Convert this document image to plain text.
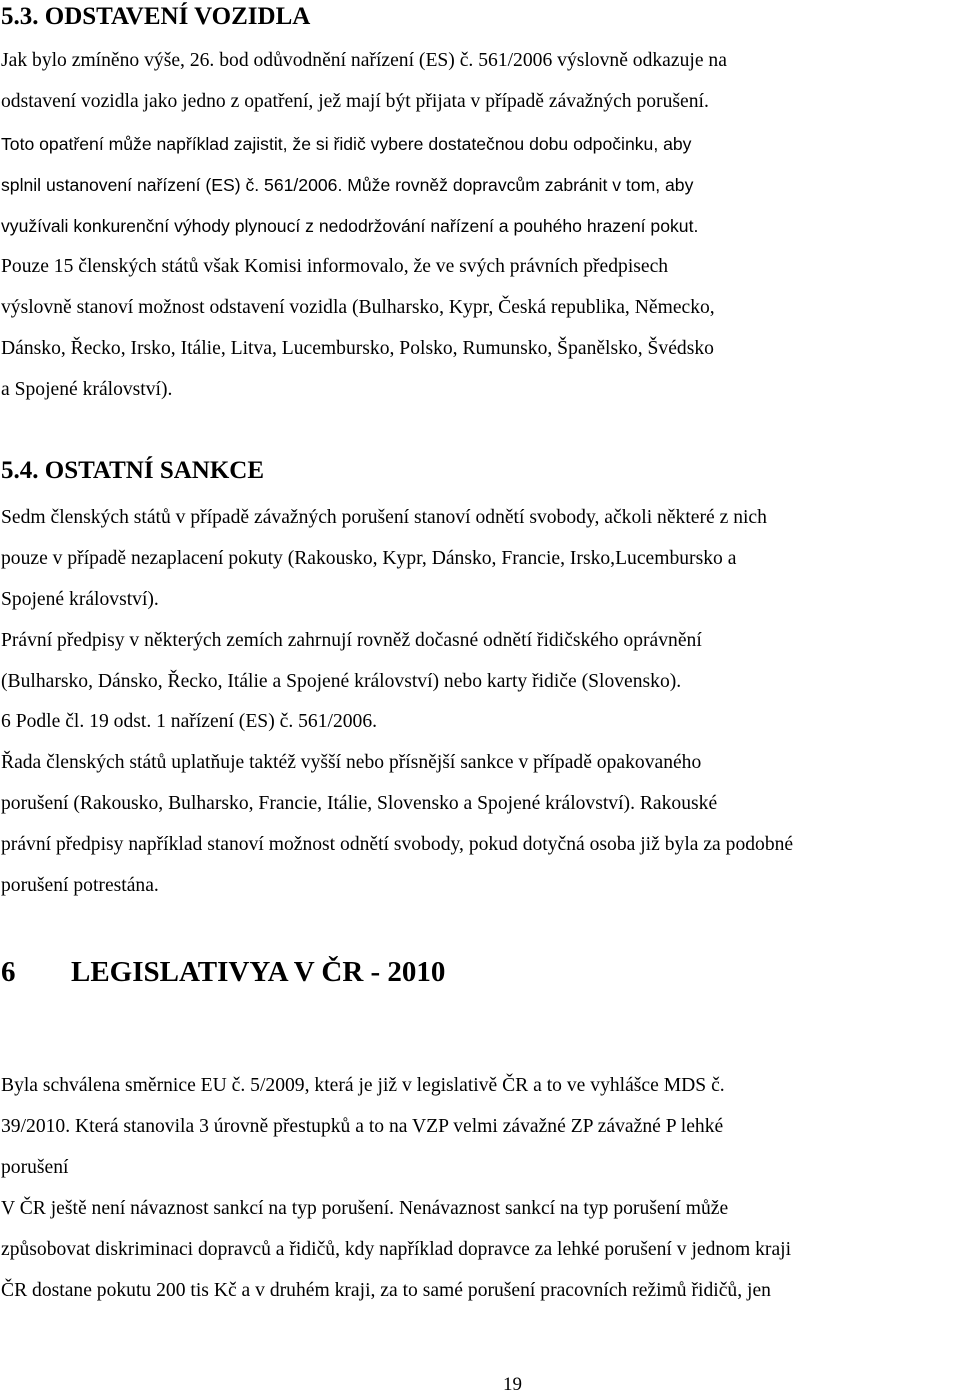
5.3. ODSTAVENÍ VOZIDLA
Jak bylo zmíněno výše, 26. bod odůvodnění nařízení (ES) č. 561/2006 výslovně odkazuje na
odstavení vozidla jako jedno z opatření, jež mají být přijata v případě závažných porušení.
Toto opatření může například zajistit, že si řidič vybere dostatečnou dobu odpočinku, aby
splnil ustanovení nařízení (ES) č. 561/2006. Může rovněž dopravcům zabránit v tom, aby
využívali konkurenční výhody plynoucí z nedodržování nařízení a pouhého hrazení pokut.
Pouze 15 členských států však Komisi informovalo, že ve svých právních předpisech
výslovně stanoví možnost odstavení vozidla (Bulharsko, Kypr, Česká republika, Německo,
Dánsko, Řecko, Irsko, Itálie, Litva, Lucembursko, Polsko, Rumunsko, Španělsko, Švédsko
a Spojené království).
5.4. OSTATNÍ SANKCE
Sedm členských států v případě závažných porušení stanoví odnětí svobody, ačkoli některé z nich
pouze v případě nezaplacení pokuty (Rakousko, Kypr, Dánsko, Francie, Irsko,Lucembursko a
Spojené království).
Právní předpisy v některých zemích zahrnují rovněž dočasné odnětí řidičského oprávnění
(Bulharsko, Dánsko, Řecko, Itálie a Spojené království) nebo karty řidiče (Slovensko).
6 Podle čl. 19 odst. 1 nařízení (ES) č. 561/2006.
Řada členských států uplatňuje taktéž vyšší nebo přísnější sankce v případě opakovaného
porušení (Rakousko, Bulharsko, Francie, Itálie, Slovensko a Spojené království). Rakouské
právní předpisy například stanoví možnost odnětí svobody, pokud dotyčná osoba již byla za podobné
porušení potrestána.
6 LEGISLATIVYA V ČR - 2010
Byla schválena směrnice EU č. 5/2009, která je již v legislativě ČR a to ve vyhlášce MDS č.
39/2010. Která stanovila 3 úrovně přestupků a to na VZP velmi závažné ZP závažné P lehké
porušení
V ČR ještě není návaznost sankcí na typ porušení. Nenávaznost sankcí na typ porušení může
způsobovat diskriminaci dopravců a řidičů, kdy například dopravce za lehké porušení v jednom kraji
ČR dostane pokutu 200 tis Kč a v druhém kraji, za to samé porušení pracovních režimů řidičů, jen
19
